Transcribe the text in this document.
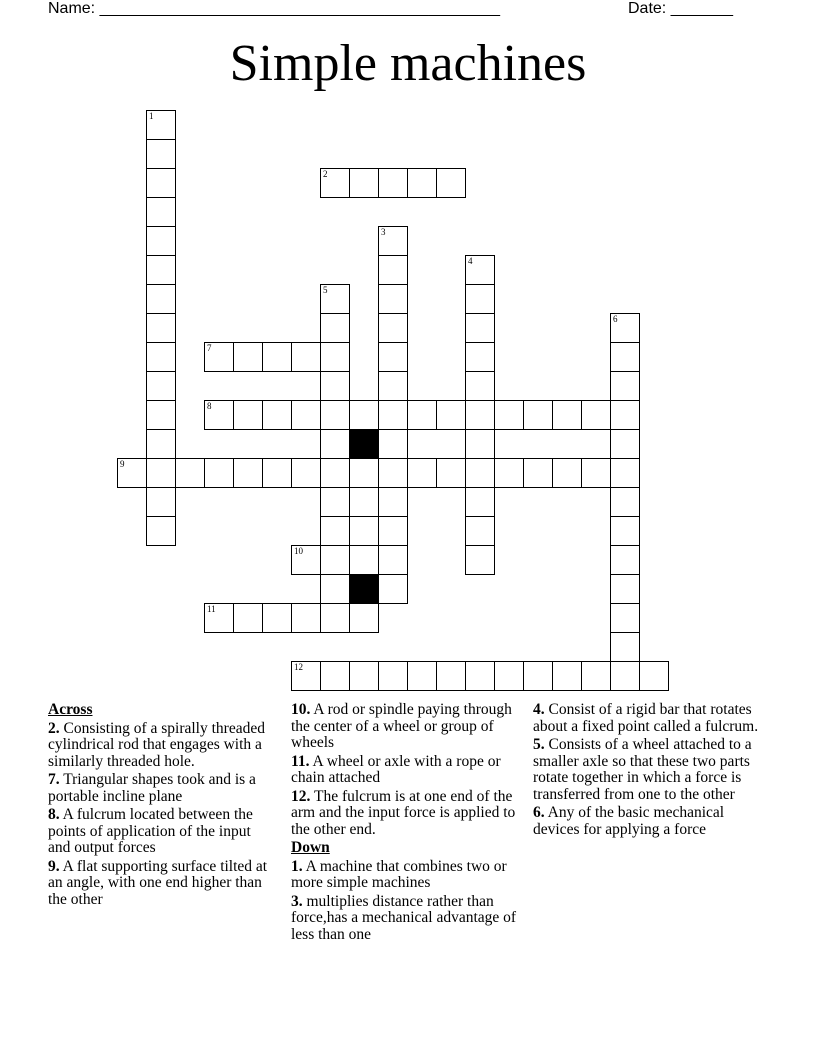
Name: _____________________________________________	Date: _______
Simple machines
1
2
3
4
5
6
7
8
9
10
11
12
Across
2. Consisting of a spirally threaded cylindrical rod that engages with a similarly threaded hole.
7. Triangular shapes took and is a portable incline plane
8. A fulcrum located between the points of application of the input and output forces
9. A flat supporting surface tilted at an angle, with one end higher than the other
10. A rod or spindle paying through the center of a wheel or group of wheels
11. A wheel or axle with a rope or chain attached
12. The fulcrum is at one end of the arm and the input force is applied to the other end.
Down
1. A machine that combines two or more simple machines
3. multiplies distance rather than force,has a mechanical advantage of less than one
4. Consist of a rigid bar that rotates about a fixed point called a fulcrum.
5. Consists of a wheel attached to a smaller axle so that these two parts rotate together in which a force is transferred from one to the other
6. Any of the basic mechanical devices for applying a force
